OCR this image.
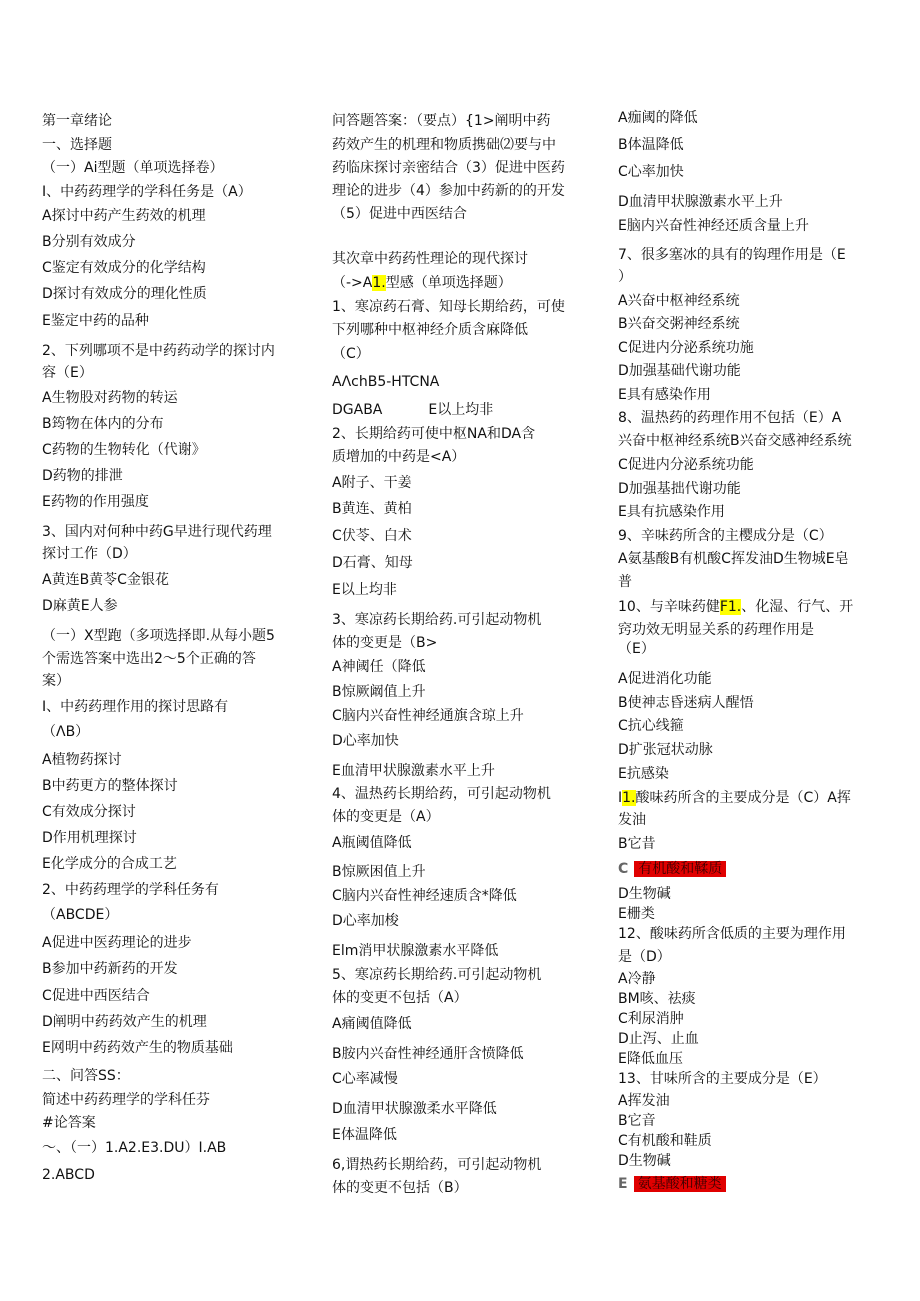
第一章绪论
一、选择题
（一）Ai型题（单项选择卷）
I、中药药理学的学科任务是（A）
A探讨中药产生药效的机理
B分别有效成分
C鉴定有效成分的化学结构
D探讨有效成分的理化性质
E鉴定中药的品种
2、下列哪项不是中药药动学的探讨内
容（E）
A生物股对药物的转运
B筠物在体内的分布
C药物的生物转化（代谢》
D药物的排泄
E药物的作用强度
3、国内对何种中药G早进行现代药理
探讨工作（D）
A黄连B黄苓C金银花
D麻黄E人参
（一）X型跑（多项选择即.从每小题5
个需选答案中选出2～5个正确的答
案）
I、中药药理作用的探讨思路有
（ΛB）
A植物药探讨
B中药更方的整体探讨
C有效成分探讨
D作用机理探讨
E化学成分的合成工艺
2、中药药理学的学科任务有
（ABCDE）
A促进中医药理论的进步
B参加中药新药的开发
C促进中西医结合
D阐明中药药效产生的机理
E网明中药药效产生的物质基础
二、问答SS：
简述中药药理学的学科任芬
#论答案
〜、（一）1.A2.E3.DU）I.AB
2.ABCD
问答题答案：（要点）{1>阐明中药
药效产生的机理和物质携础⑵要与中
药临床探讨亲密结合（3）促进中医药
理论的进步（4）参加中药新的的开发
（5）促进中西医结合
其次章中药药性理论的现代探讨
（->A1.型感（单项选择题）
1、寒凉药石膏、知母长期给药，可使
下列哪种中枢神经介质含麻降低
（C）
AΛchB5-HTCNA
DGABA	E以上均非
2、长期给药可使中枢NA和DA含
质增加的中药是<A）
A附子、干姜
B黄连、黄柏
C伏苓、白术
D石膏、知母
E以上均非
3、寒凉药长期给药.可引起动物机
体的变更是（B>
A神阈任（降低
B惊厥阚值上升
C脑内兴奋性神经通旗含琼上升
D心率加快
E血清甲状腺激素水平上升
4、温热药长期给药，可引起动物机
体的变更是（A）
A瓶阈值降低
B惊厥困值上升
C脑内兴奋性神经速质含*降低
D心率加梭
Elm消甲状腺激素水平降低
5、寒凉药长期给药.可引起动物机
体的变更不包括（A）
A痛阈值降低
B胺内兴奋性神经通肝含愤降低
C心率减慢
D血清甲状腺激柔水平降低
E体温降低
6,谓热药长期给药，可引起动物机
体的变更不包括（B）
A痂阈的降低
B体温降低
C心率加快
D血清甲状腺激素水平上升
E脑内兴奋性神经还质含量上升
7、很多塞冰的具有的钩理作用是（E
）
A兴奋中枢神经系统
B兴奋交粥神经系统
C促进内分泌系统功施
D加强基础代谢功能
E具有感染作用
8、温热药的药理作用不包括（E）A
兴奋中枢神经系统B兴奋交感神经系统
C促进内分泌系统功能
D加强基拙代谢功能
E具有抗感染作用
9、辛味药所含的主樱成分是（C）
A氨基酸B有机酸C挥发油D生物城E皂
普
10、与辛味药健F1.、化湿、行气、开
窍功效无明显关系的药理作用是
（E）
A促进消化功能
B使神志昏迷病人醒悟
C抗心线箍
D扩张冠状动脉
E抗感染
I1.酸味药所含的主要成分是（C）A挥
发油
B它昔
C 有机酸和鞣质
D生物碱
E栅类
12、酸味药所含低质的主要为理作用
是（D）
A冷静
BM咳、祛痰
C利尿消肿
D止泻、止血
E降低血压
13、甘味所含的主要成分是（E）
A挥发油
B它音
C有机酸和鞋质
D生物碱
E 氨基酸和糖类
